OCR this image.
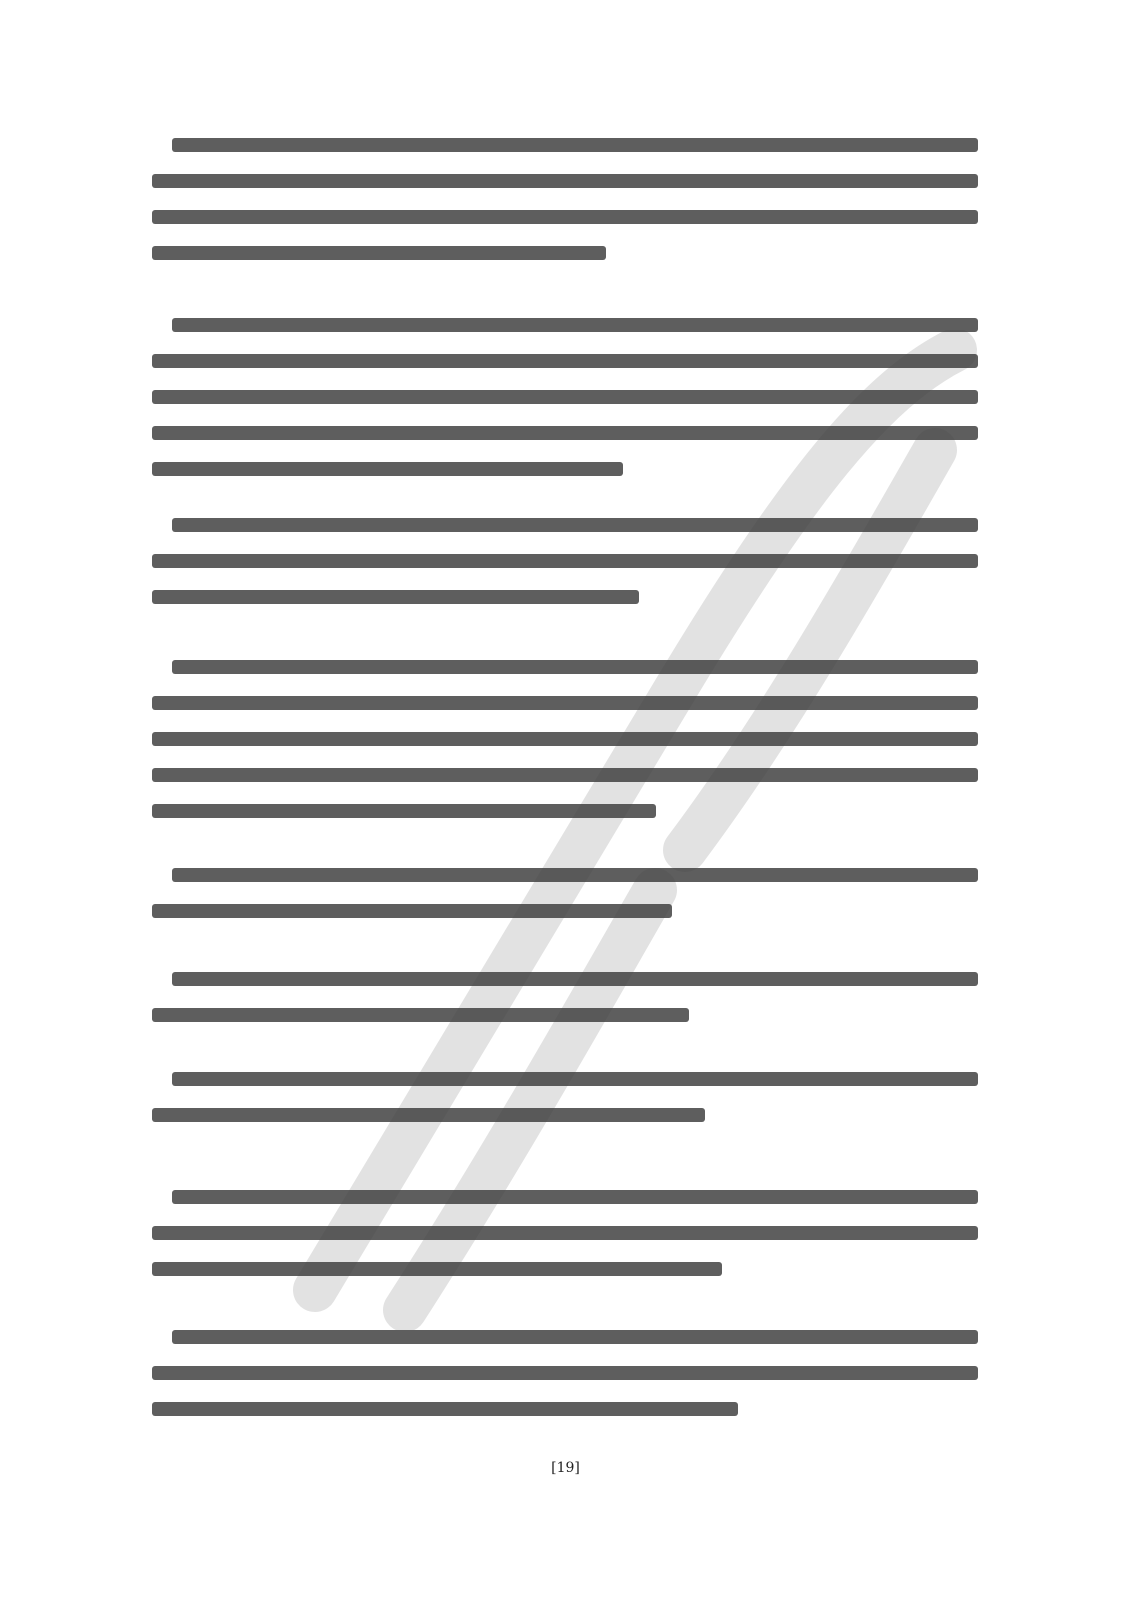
[19]
